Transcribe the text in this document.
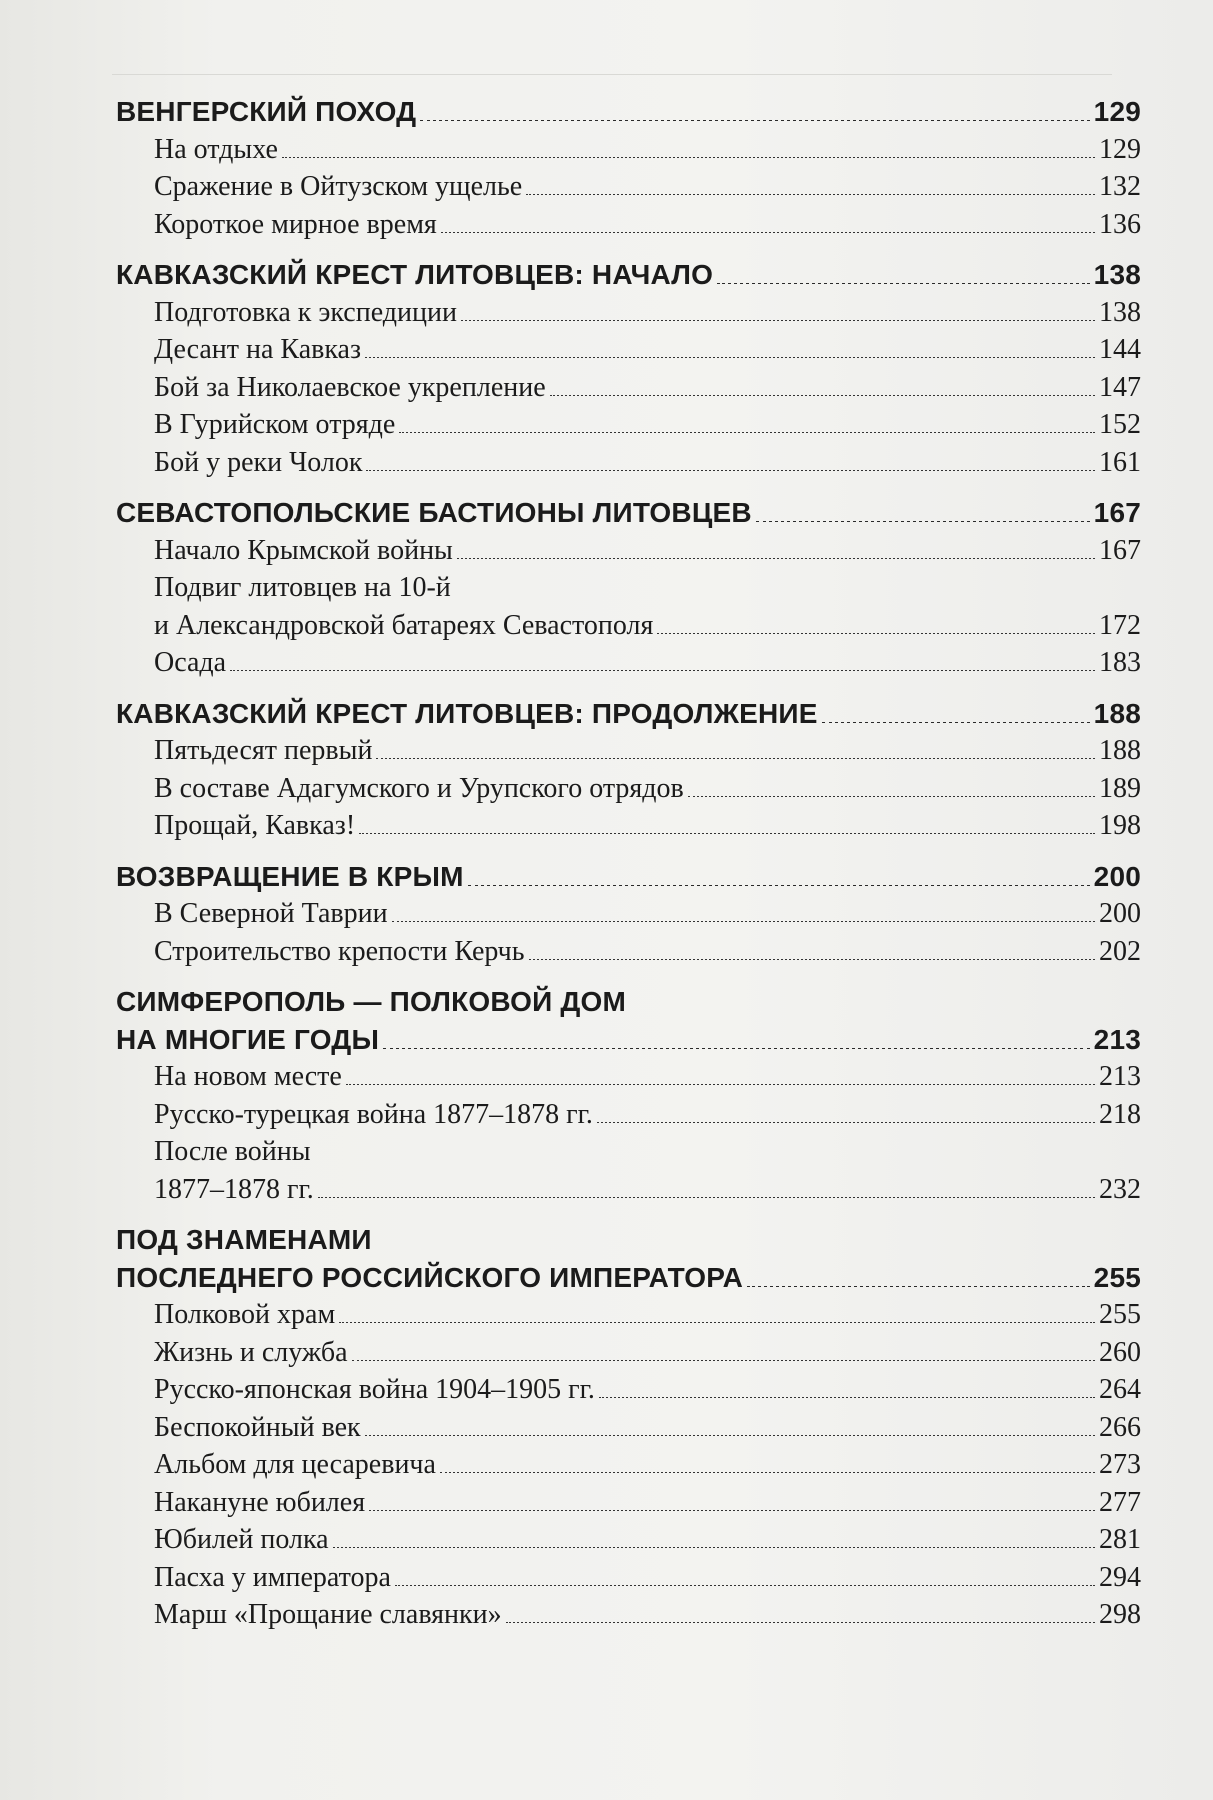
ВЕНГЕРСКИЙ ПОХОД	129
На отдыхе	129
Сражение в Ойтузском ущелье	132
Короткое мирное время	136
КАВКАЗСКИЙ КРЕСТ ЛИТОВЦЕВ: НАЧАЛО	138
Подготовка к экспедиции	138
Десант на Кавказ	144
Бой за Николаевское укрепление	147
В Гурийском отряде	152
Бой у реки Чолок	161
СЕВАСТОПОЛЬСКИЕ БАСТИОНЫ ЛИТОВЦЕВ	167
Начало Крымской войны	167
Подвиг литовцев на 10-й
и Александровской батареях Севастополя	172
Осада	183
КАВКАЗСКИЙ КРЕСТ ЛИТОВЦЕВ: ПРОДОЛЖЕНИЕ	188
Пятьдесят первый	188
В составе Адагумского и Урупского отрядов	189
Прощай, Кавказ!	198
ВОЗВРАЩЕНИЕ В КРЫМ	200
В Северной Таврии	200
Строительство крепости Керчь	202
СИМФЕРОПОЛЬ — ПОЛКОВОЙ ДОМ
НА МНОГИЕ ГОДЫ	213
На новом месте	213
Русско-турецкая война 1877–1878 гг.	218
После войны
1877–1878 гг.	232
ПОД ЗНАМЕНАМИ
ПОСЛЕДНЕГО РОССИЙСКОГО ИМПЕРАТОРА	255
Полковой храм	255
Жизнь и служба	260
Русско-японская война 1904–1905 гг.	264
Беспокойный век	266
Альбом для цесаревича	273
Накануне юбилея	277
Юбилей полка	281
Пасха у императора	294
Марш «Прощание славянки»	298
